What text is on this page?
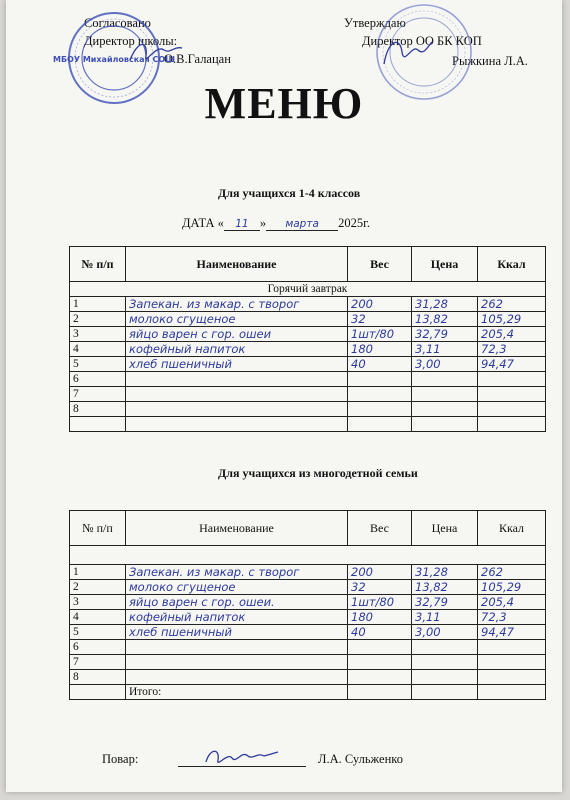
Согласовано
Директор школы:
О.В.Галацан
Утверждаю
Директор ОО БК КОП
Рыжкина Л.А.
МБОУ Михайловская СОШ
МЕНЮ
Для учащихся 1-4 классов
ДАТА « 11 » марта 2025г.
№ п/п	Наименование	Вес	Цена	Ккал
Горячий завтрак				
1	Запекан. из макар. с творог	200	31,28	262
2	молоко сгущеное	32	13,82	105,29
3	яйцо варен с гор. ошеи	1шт/80	32,79	205,4
4	кофейный напиток	180	3,11	72,3
5	хлеб пшеничный	40	3,00	94,47
6				
7				
8				

Для учащихся из многодетной семьи
№ п/п	Наименование	Вес	Цена	Ккал

1	Запекан. из макар. с творог	200	31,28	262
2	молоко сгущеное	32	13,82	105,29
3	яйцо варен с гор. ошеи.	1шт/80	32,79	205,4
4	кофейный напиток	180	3,11	72,3
5	хлеб пшеничный	40	3,00	94,47
6				
7				
8				
	Итого:			
Повар:	Л.А. Сульженко
